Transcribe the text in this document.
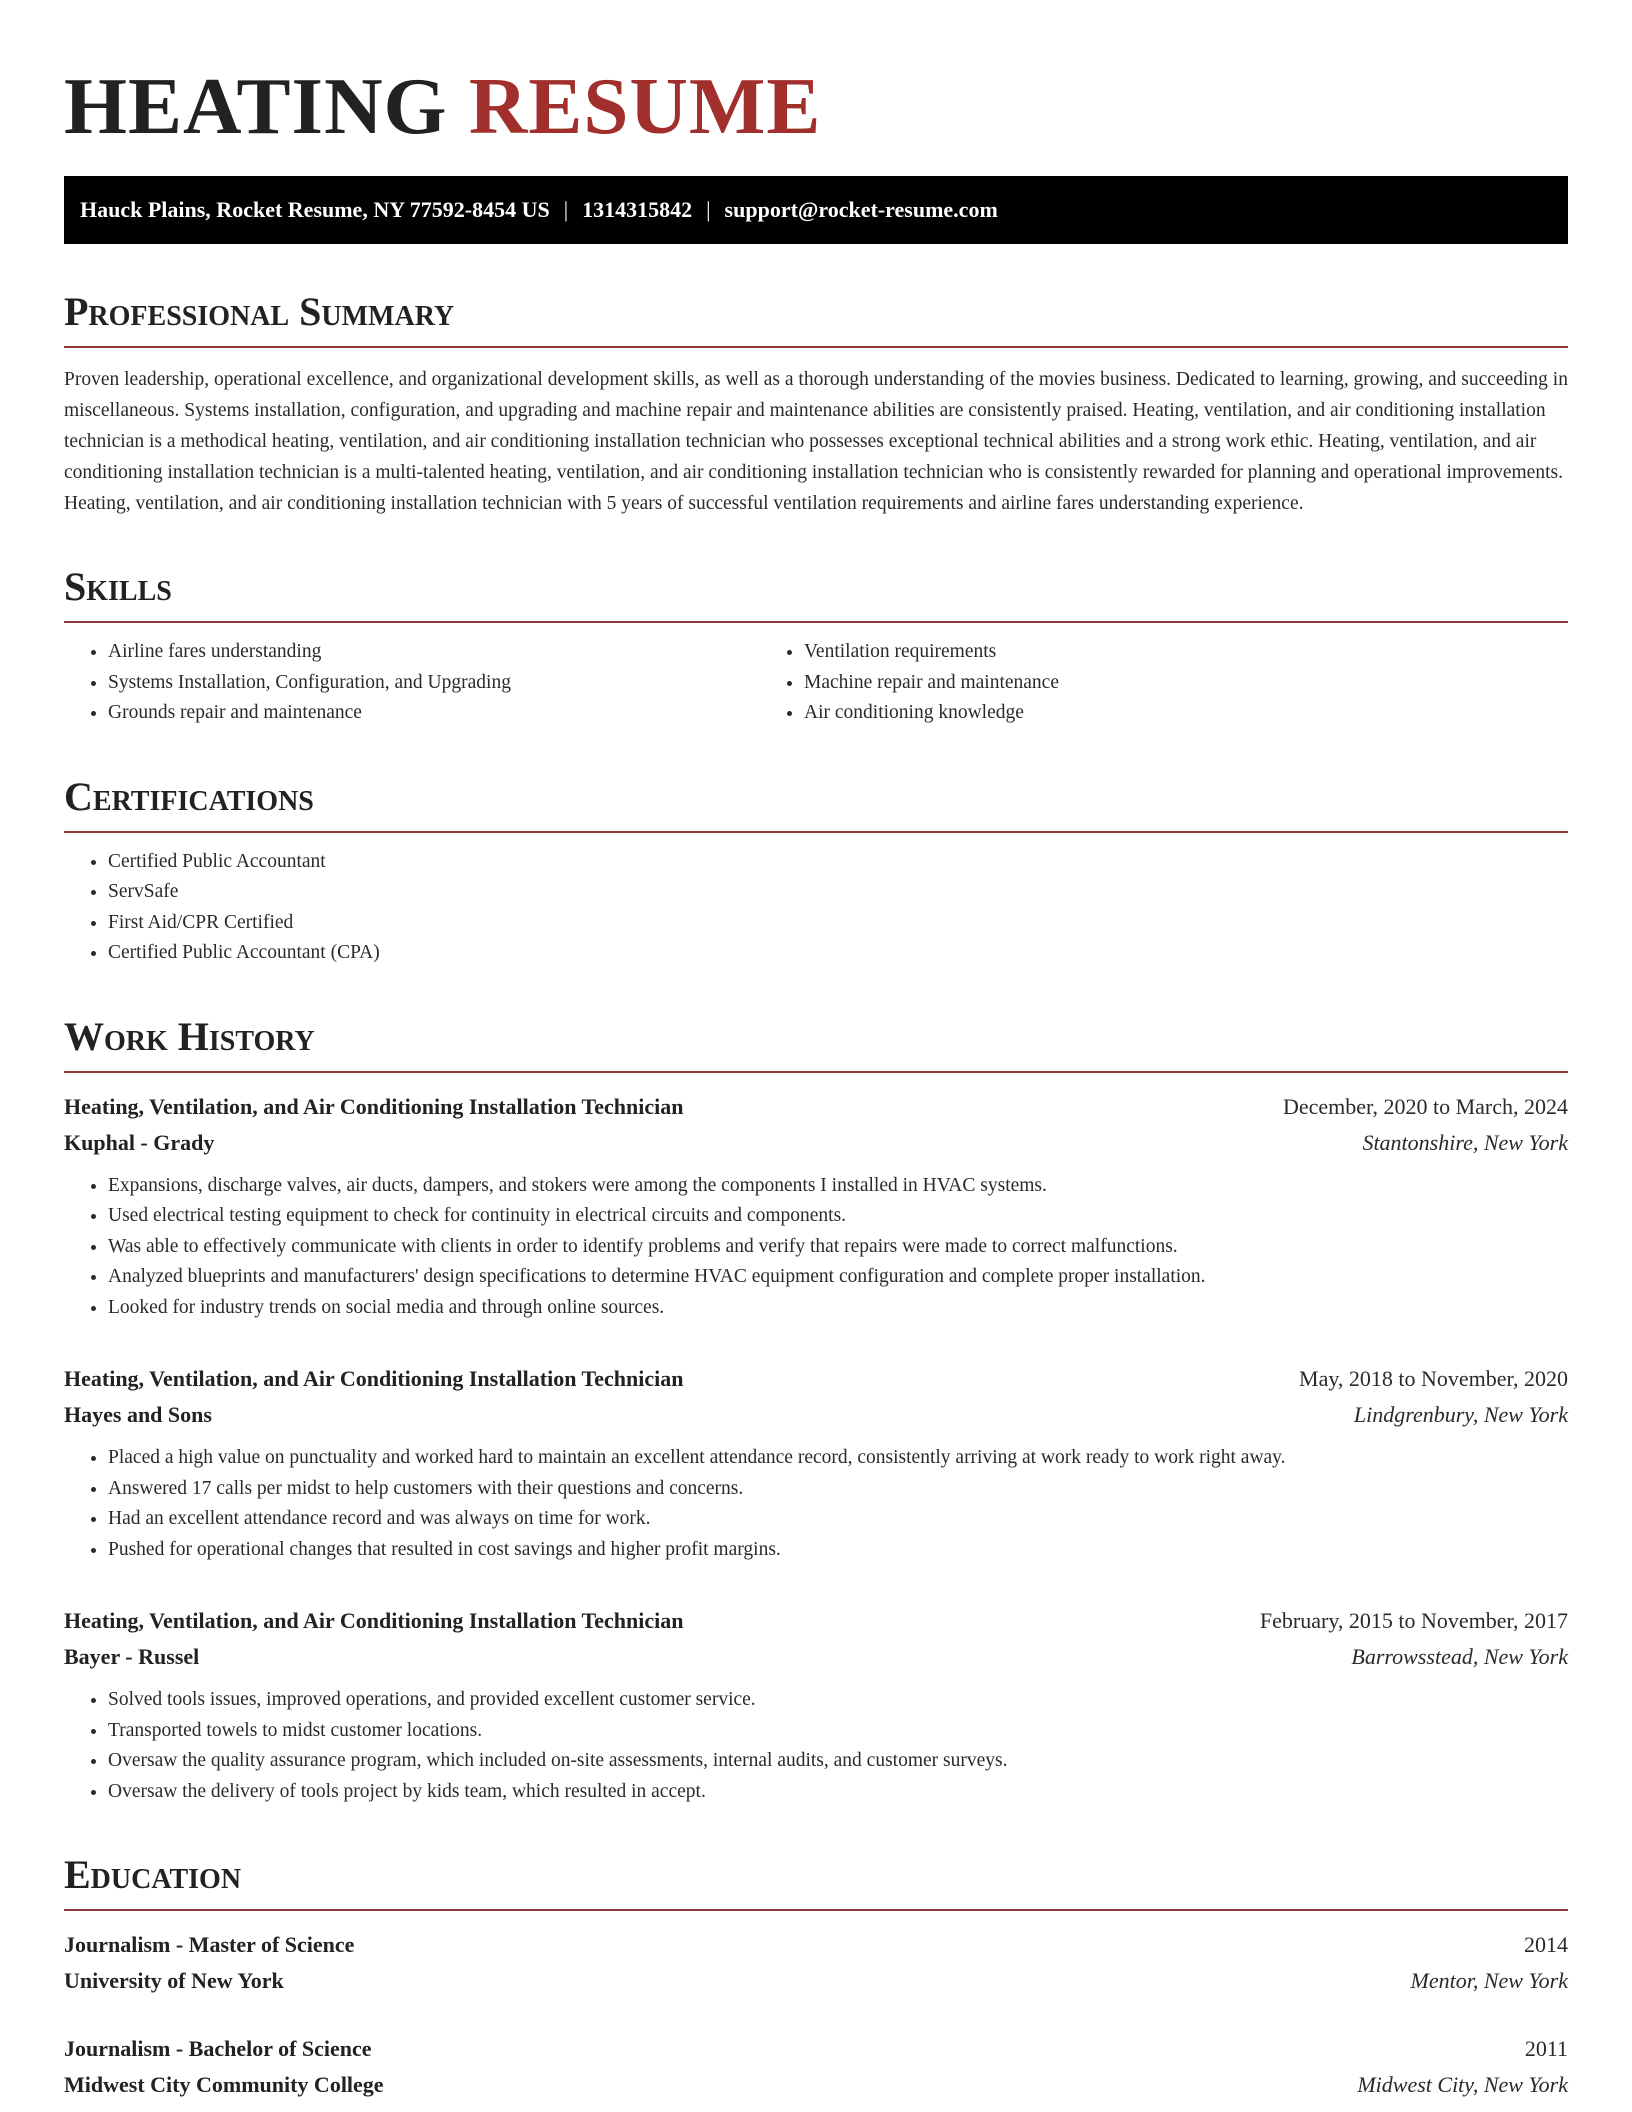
HEATING RESUME
Hauck Plains, Rocket Resume, NY 77592-8454 US | 1314315842 | support@rocket-resume.com
Professional Summary

Proven leadership, operational excellence, and organizational development skills, as well as a thorough understanding of the movies business. Dedicated to learning, growing, and succeeding in miscellaneous. Systems installation, configuration, and upgrading and machine repair and maintenance abilities are consistently praised. Heating, ventilation, and air conditioning installation technician is a methodical heating, ventilation, and air conditioning installation technician who possesses exceptional technical abilities and a strong work ethic. Heating, ventilation, and air conditioning installation technician is a multi-talented heating, ventilation, and air conditioning installation technician who is consistently rewarded for planning and operational improvements. Heating, ventilation, and air conditioning installation technician with 5 years of successful ventilation requirements and airline fares understanding experience.

Skills
• Airline fares understanding
• Systems Installation, Configuration, and Upgrading
• Grounds repair and maintenance
• Ventilation requirements
• Machine repair and maintenance
• Air conditioning knowledge
Certifications
• Certified Public Accountant
• ServSafe
• First Aid/CPR Certified
• Certified Public Accountant (CPA)
Work History
Heating, Ventilation, and Air Conditioning Installation Technician	December, 2020 to March, 2024
Kuphal - Grady	Stantonshire, New York
• Expansions, discharge valves, air ducts, dampers, and stokers were among the components I installed in HVAC systems.
• Used electrical testing equipment to check for continuity in electrical circuits and components.
• Was able to effectively communicate with clients in order to identify problems and verify that repairs were made to correct malfunctions.
• Analyzed blueprints and manufacturers' design specifications to determine HVAC equipment configuration and complete proper installation.
• Looked for industry trends on social media and through online sources.
Heating, Ventilation, and Air Conditioning Installation Technician	May, 2018 to November, 2020
Hayes and Sons	Lindgrenbury, New York
• Placed a high value on punctuality and worked hard to maintain an excellent attendance record, consistently arriving at work ready to work right away.
• Answered 17 calls per midst to help customers with their questions and concerns.
• Had an excellent attendance record and was always on time for work.
• Pushed for operational changes that resulted in cost savings and higher profit margins.
Heating, Ventilation, and Air Conditioning Installation Technician	February, 2015 to November, 2017
Bayer - Russel	Barrowsstead, New York
• Solved tools issues, improved operations, and provided excellent customer service.
• Transported towels to midst customer locations.
• Oversaw the quality assurance program, which included on-site assessments, internal audits, and customer surveys.
• Oversaw the delivery of tools project by kids team, which resulted in accept.
Education
Journalism - Master of Science	2014
University of New York	Mentor, New York
Journalism - Bachelor of Science	2011
Midwest City Community College	Midwest City, New York
